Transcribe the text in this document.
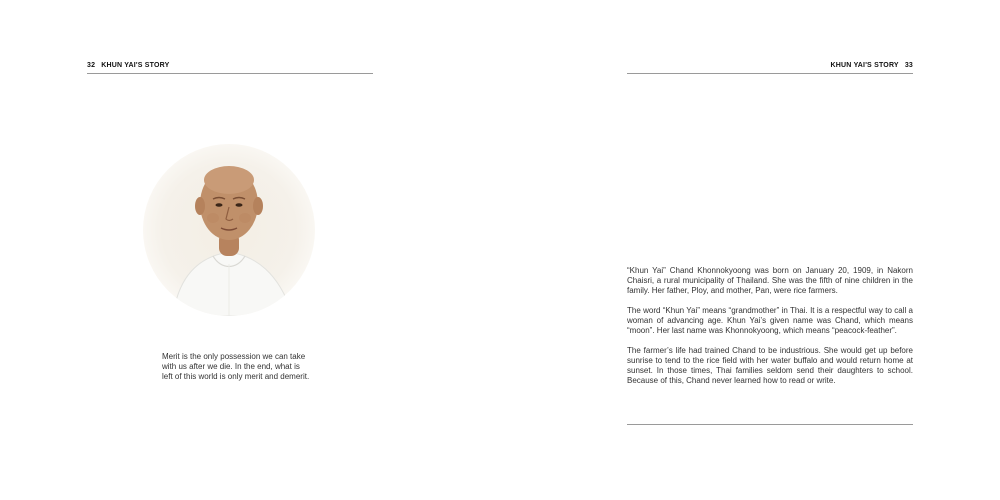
32 KHUN YAI'S STORY
Merit is the only possession we can take with us after we die. In the end, what is left of this world is only merit and demerit.
KHUN YAI'S STORY 33

“Khun Yai” Chand Khonnokyoong was born on January 20, 1909, in Nakorn Chaisri, a rural municipality of Thailand. She was the fifth of nine children in the family. Her father, Ploy, and mother, Pan, were rice farmers.

The word “Khun Yai” means “grandmother” in Thai. It is a respectful way to call a woman of advancing age. Khun Yai’s given name was Chand, which means “moon”. Her last name was Khonnokyoong, which means “peacock-feather”.

The farmer’s life had trained Chand to be industrious. She would get up before sunrise to tend to the rice field with her water buffalo and would return home at sunset. In those times, Thai families seldom send their daughters to school. Because of this, Chand never learned how to read or write.
